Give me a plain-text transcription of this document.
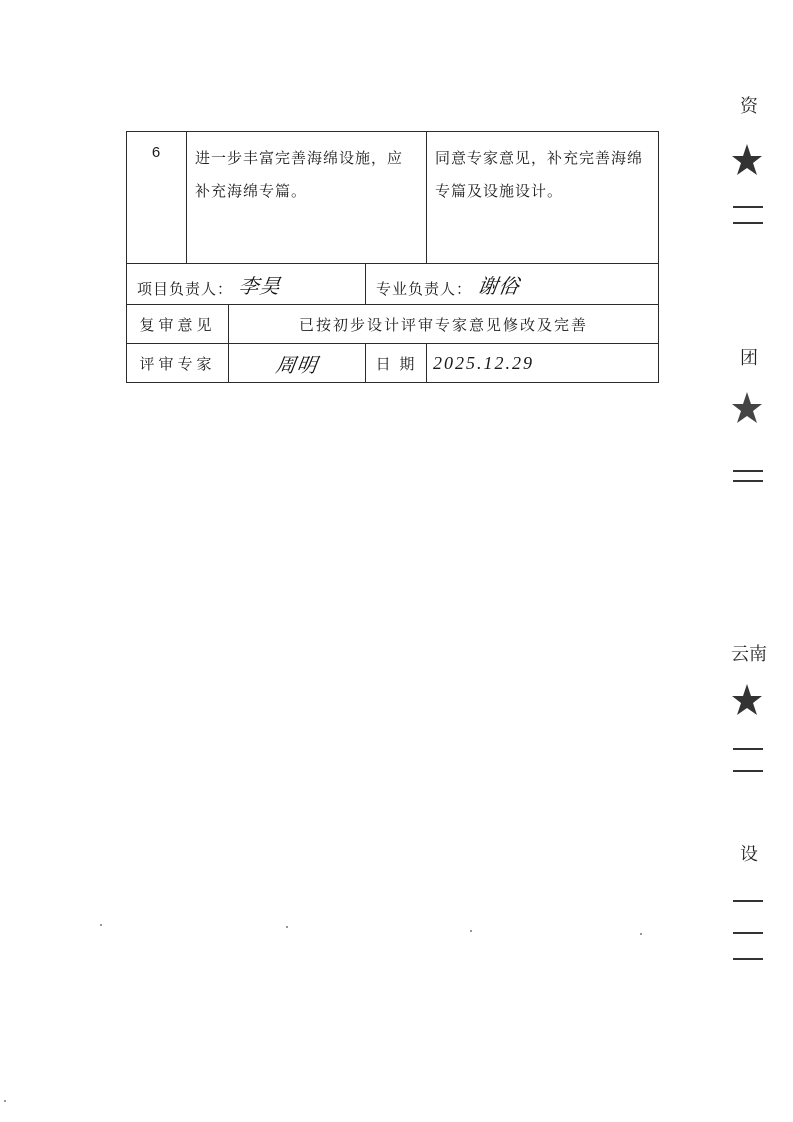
6	进一步丰富完善海绵设施，应补充海绵专篇。			同意专家意见，补充完善海绵专篇及设施设计。
项目负责人： 李昊			专业负责人： 谢俗	
复审意见		已按初步设计评审专家意见修改及完善		
评审专家		周明	日 期	2025.12.29
资
团
云南
设
